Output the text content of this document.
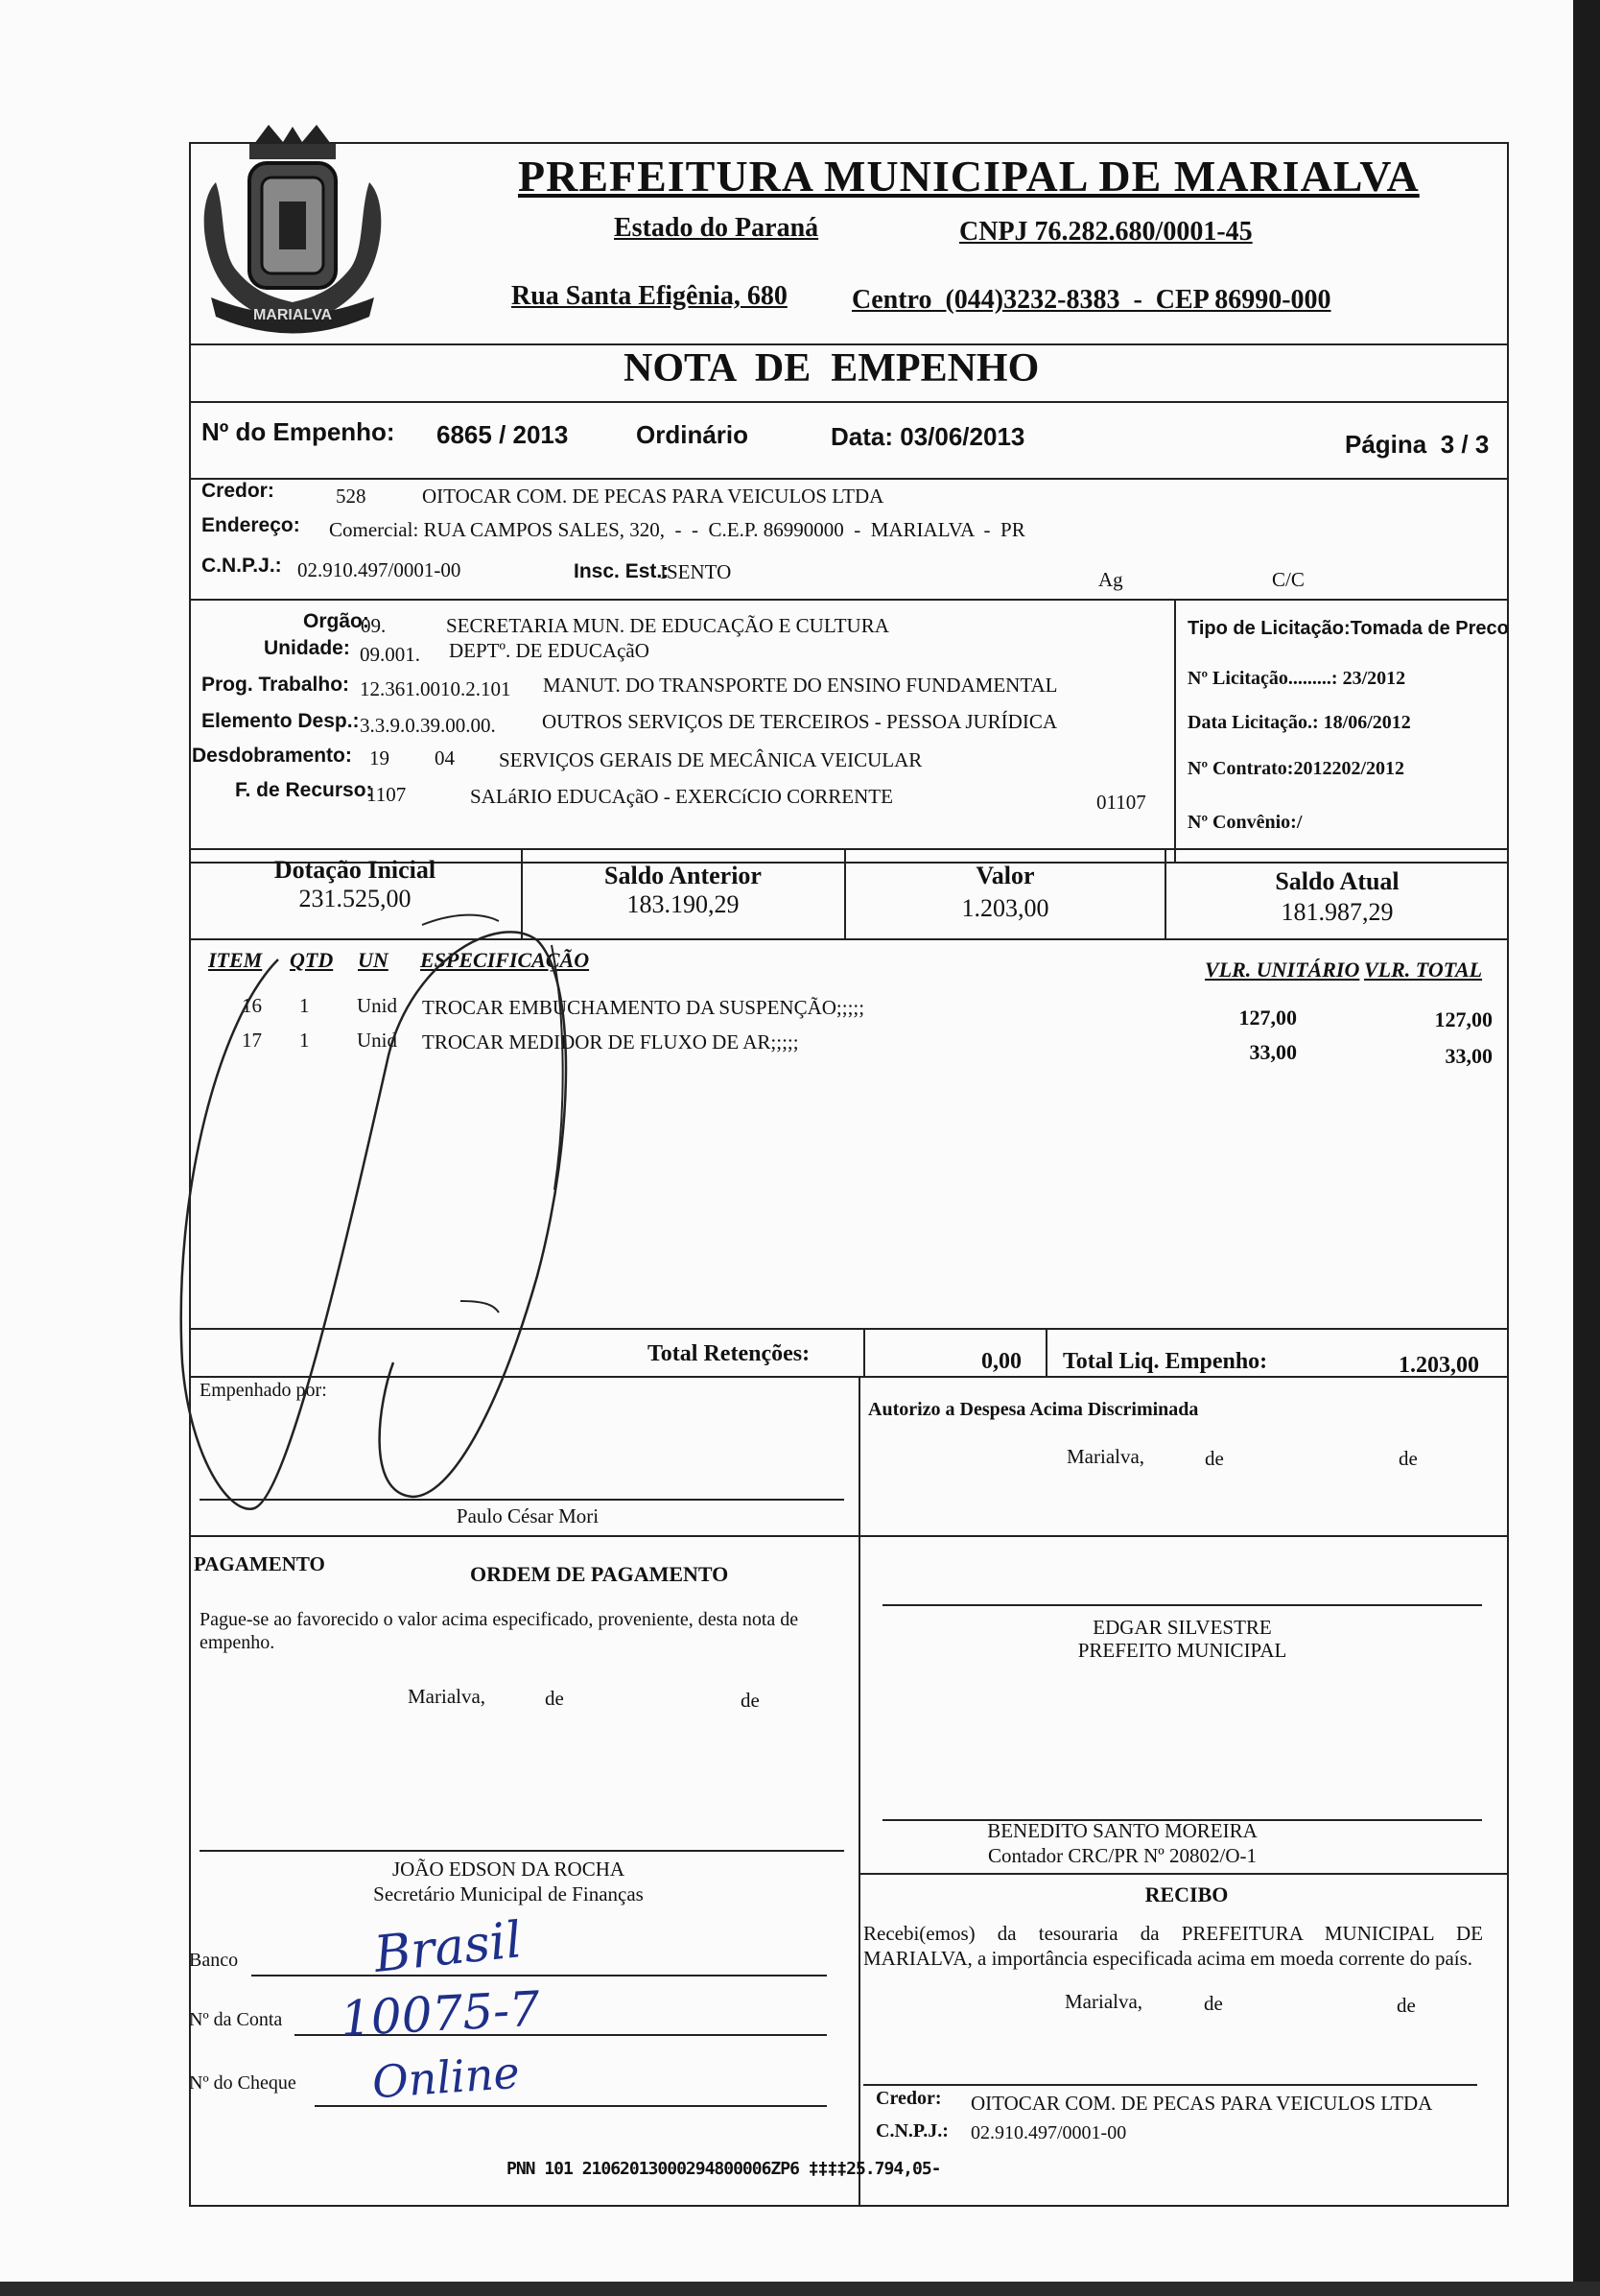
MARIALVA
PREFEITURA MUNICIPAL DE MARIALVA
Estado do Paraná	CNPJ 76.282.680/0001-45
Rua Santa Efigênia, 680 Centro  (044)3232-8383  -  CEP 86990-000
NOTA  DE  EMPENHO
Nº do Empenho: 6865 / 2013	Ordinário	Data: 03/06/2013	Página  3 / 3
Credor:	528	OITOCAR COM. DE PECAS PARA VEICULOS LTDA
Endereço: Comercial: RUA CAMPOS SALES, 320,  -  -  C.E.P. 86990000  -  MARIALVA  -  PR
C.N.P.J.: 02.910.497/0001-00	Insc. Est.:
ISENTO	Ag	C/C
Orgão:
09.	SECRETARIA MUN. DE EDUCAÇÃO E CULTURA
Unidade: 09.001. DEPTº. DE EDUCAçãO
Prog. Trabalho: 12.361.0010.2.101 MANUT. DO TRANSPORTE DO ENSINO FUNDAMENTAL
Elemento Desp.: 3.3.9.0.39.00.00. OUTROS SERVIÇOS DE TERCEIROS - PESSOA JURÍDICA
Desdobramento: 19 04 SERVIÇOS GERAIS DE MECÂNICA VEICULAR
F. de Recurso:
1107	SALáRIO EDUCAçãO - EXERCíCIO CORRENTE	01107
Tipo de Licitação:Tomada de Preco
Nº Licitação.........: 23/2012
Data Licitação.: 18/06/2012
Nº Contrato:2012202/2012
Nº Convênio:/
Dotação Inicial
231.525,00
Saldo Anterior
183.190,29
Valor
1.203,00
Saldo Atual
181.987,29
ITEM QTD UN ESPECIFICAÇÃO	VLR. UNITÁRIO VLR. TOTAL
16 1 Unid TROCAR EMBUCHAMENTO DA SUSPENÇÃO;;;;;	127,00	127,00
17 1 Unid TROCAR MEDIDOR DE FLUXO DE AR;;;;;	33,00	33,00
Total Retenções:	0,00 Total Liq. Empenho:	1.203,00
Empenhado por:
Paulo César Mori
Autorizo a Despesa Acima Discriminada
Marialva,	de	de
PAGAMENTO	ORDEM DE PAGAMENTO
Pague-se ao favorecido o valor acima especificado, proveniente, desta nota de empenho.
Marialva,	de	de
EDGAR SILVESTRE
PREFEITO MUNICIPAL
BENEDITO SANTO MOREIRA
Contador CRC/PR Nº 20802/O-1
JOÃO EDSON DA ROCHA
Secretário Municipal de Finanças	RECIBO
Recebi(emos) da tesouraria da PREFEITURA MUNICIPAL DE MARIALVA, a importância especificada acima em moeda corrente do país.
Marialva,	de	de
Banco
Nº da Conta
Nº do Cheque
Brasil
10075-7
Online	Credor: OITOCAR COM. DE PECAS PARA VEICULOS LTDA
C.N.P.J.: 02.910.497/0001-00
PNN 101 21062013000294800006ZP6 ‡‡‡‡25.794,05-
